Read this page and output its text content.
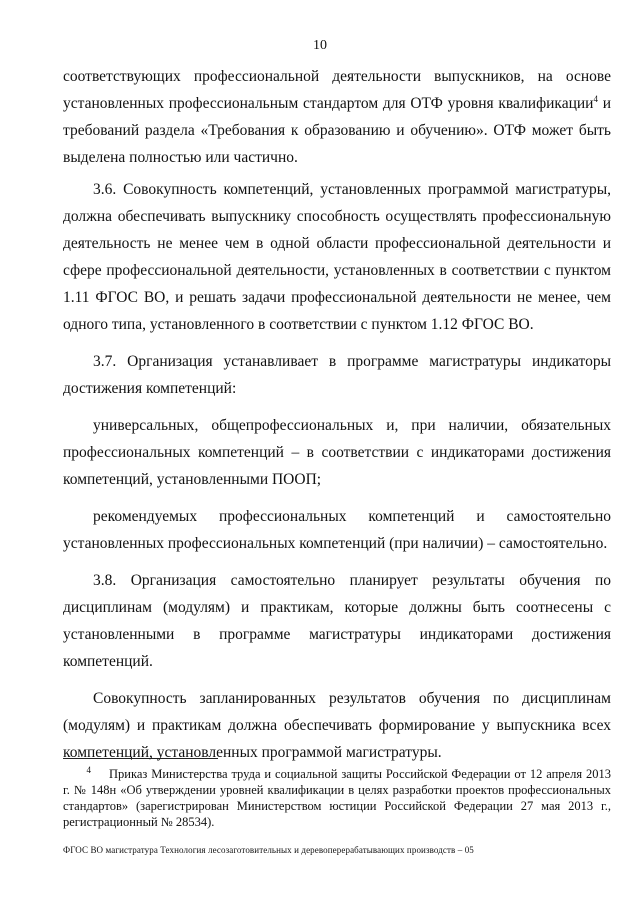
10

соответствующих профессиональной деятельности выпускников, на основе установленных профессиональным стандартом для ОТФ уровня квалификации$^4$ и требований раздела «Требования к образованию и обучению». ОТФ может быть выделена полностью или частично.

3.6. Совокупность компетенций, установленных программой магистратуры, должна обеспечивать выпускнику способность осуществлять профессиональную деятельность не менее чем в одной области профессиональной деятельности и сфере профессиональной деятельности, установленных в соответствии с пунктом 1.11 ФГОС ВО, и решать задачи профессиональной деятельности не менее, чем одного типа, установленного в соответствии с пунктом 1.12 ФГОС ВО.

3.7. Организация устанавливает в программе магистратуры индикаторы достижения компетенций:

универсальных, общепрофессиональных и, при наличии, обязательных профессиональных компетенций – в соответствии с индикаторами достижения компетенций, установленными ПООП;

рекомендуемых профессиональных компетенций и самостоятельно установленных профессиональных компетенций (при наличии) – самостоятельно.

3.8. Организация самостоятельно планирует результаты обучения по дисциплинам (модулям) и практикам, которые должны быть соотнесены с установленными в программе магистратуры индикаторами достижения компетенций.

Совокупность запланированных результатов обучения по дисциплинам (модулям) и практикам должна обеспечивать формирование у выпускника всех компетенций, установленных программой магистратуры.

4 Приказ Министерства труда и социальной защиты Российской Федерации от 12 апреля 2013 г. № 148н «Об утверждении уровней квалификации в целях разработки проектов профессиональных стандартов» (зарегистрирован Министерством юстиции Российской Федерации 27 мая 2013 г., регистрационный № 28534).
ФГОС ВО магистратура Технология лесозаготовительных и деревоперерабатывающих производств – 05
